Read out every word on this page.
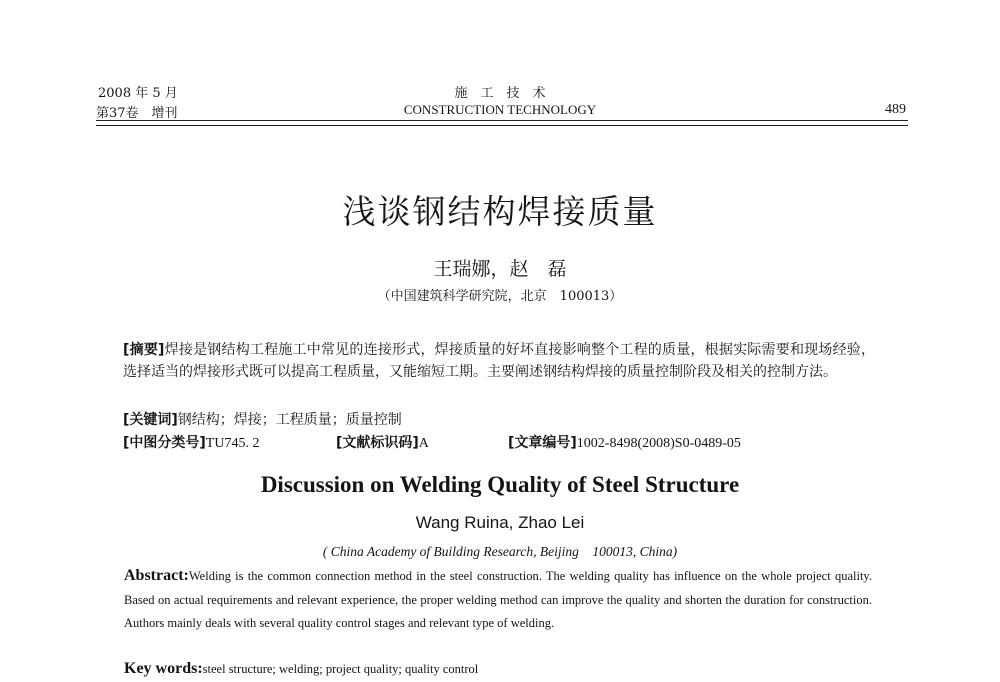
2008 年 5 月
第37卷　增刊
施　工　技　术
CONSTRUCTION TECHNOLOGY	489
浅谈钢结构焊接质量
王瑞娜，赵　磊
（中国建筑科学研究院，北京　100013）
[摘要]焊接是钢结构工程施工中常见的连接形式，焊接质量的好坏直接影响整个工程的质量，根据实际需要和现场经验，选择适当的焊接形式既可以提高工程质量，又能缩短工期。主要阐述钢结构焊接的质量控制阶段及相关的控制方法。
[关键词]钢结构；焊接；工程质量；质量控制
[中图分类号]TU745. 2	[文献标识码]A	[文章编号]1002-8498(2008)S0-0489-05
Discussion on Welding Quality of Steel Structure
Wang Ruina, Zhao Lei
( China Academy of Building Research, Beijing　100013, China)
Abstract:Welding is the common connection method in the steel construction. The welding quality has influence on the whole project quality. Based on actual requirements and relevant experience, the proper welding method can improve the quality and shorten the duration for construction. Authors mainly deals with several quality control stages and relevant type of welding.
Key words:steel structure; welding; project quality; quality control
